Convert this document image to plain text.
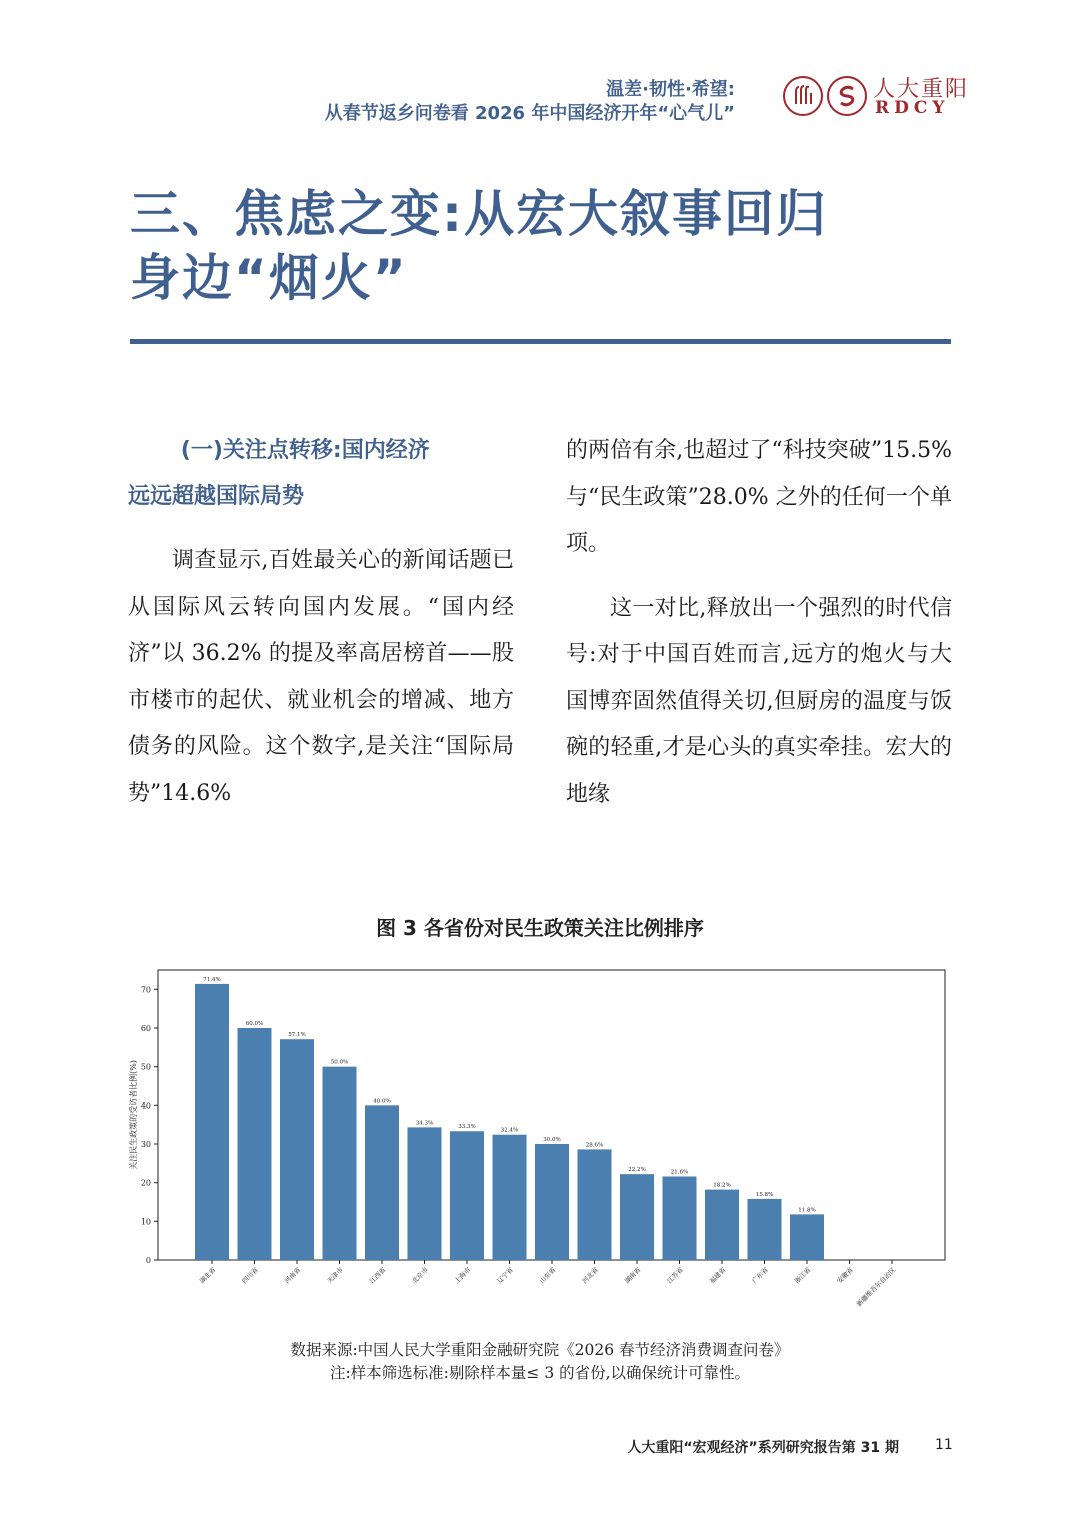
温差·韧性·希望:
从春节返乡问卷看 2026 年中国经济开年“心气儿”
人大重阳
RDCY
三、焦虑之变:从宏大叙事回归
身边“烟火”
(一)关注点转移:国内经济
远远超越国际局势

调查显示,百姓最关心的新闻话题已从国际风云转向国内发展。“国内经济”以 36.2% 的提及率高居榜首——股市楼市的起伏、就业机会的增减、地方债务的风险。这个数字,是关注“国际局势”14.6%

的两倍有余,也超过了“科技突破”15.5% 与“民生政策”28.0% 之外的任何一个单项。

这一对比,释放出一个强烈的时代信号:对于中国百姓而言,远方的炮火与大国博弈固然值得关切,但厨房的温度与饭碗的轻重,才是心头的真实牵挂。宏大的地缘

图 3 各省份对民生政策关注比例排序
0
10
20
30
40
50
60
70
关注民生政策的受访者比例(%)
71.4%
60.0%
57.1%
50.0%
40.0%
34.3%
33.3%
32.4%
30.0%
28.6%
22.2%	21.6%
18.2%
15.8%
11.8%
湖北省	四川省	河南省	天津市	江西省	北京市	上海市	辽宁省	山东省	河北省	湖南省	江苏省	福建省	广东省	浙江省	安徽省 新疆维吾尔自治区
数据来源:中国人民大学重阳金融研究院《2026 春节经济消费调查问卷》
注:样本筛选标准:剔除样本量≤ 3 的省份,以确保统计可靠性。
人大重阳“宏观经济”系列研究报告第 31 期	11
